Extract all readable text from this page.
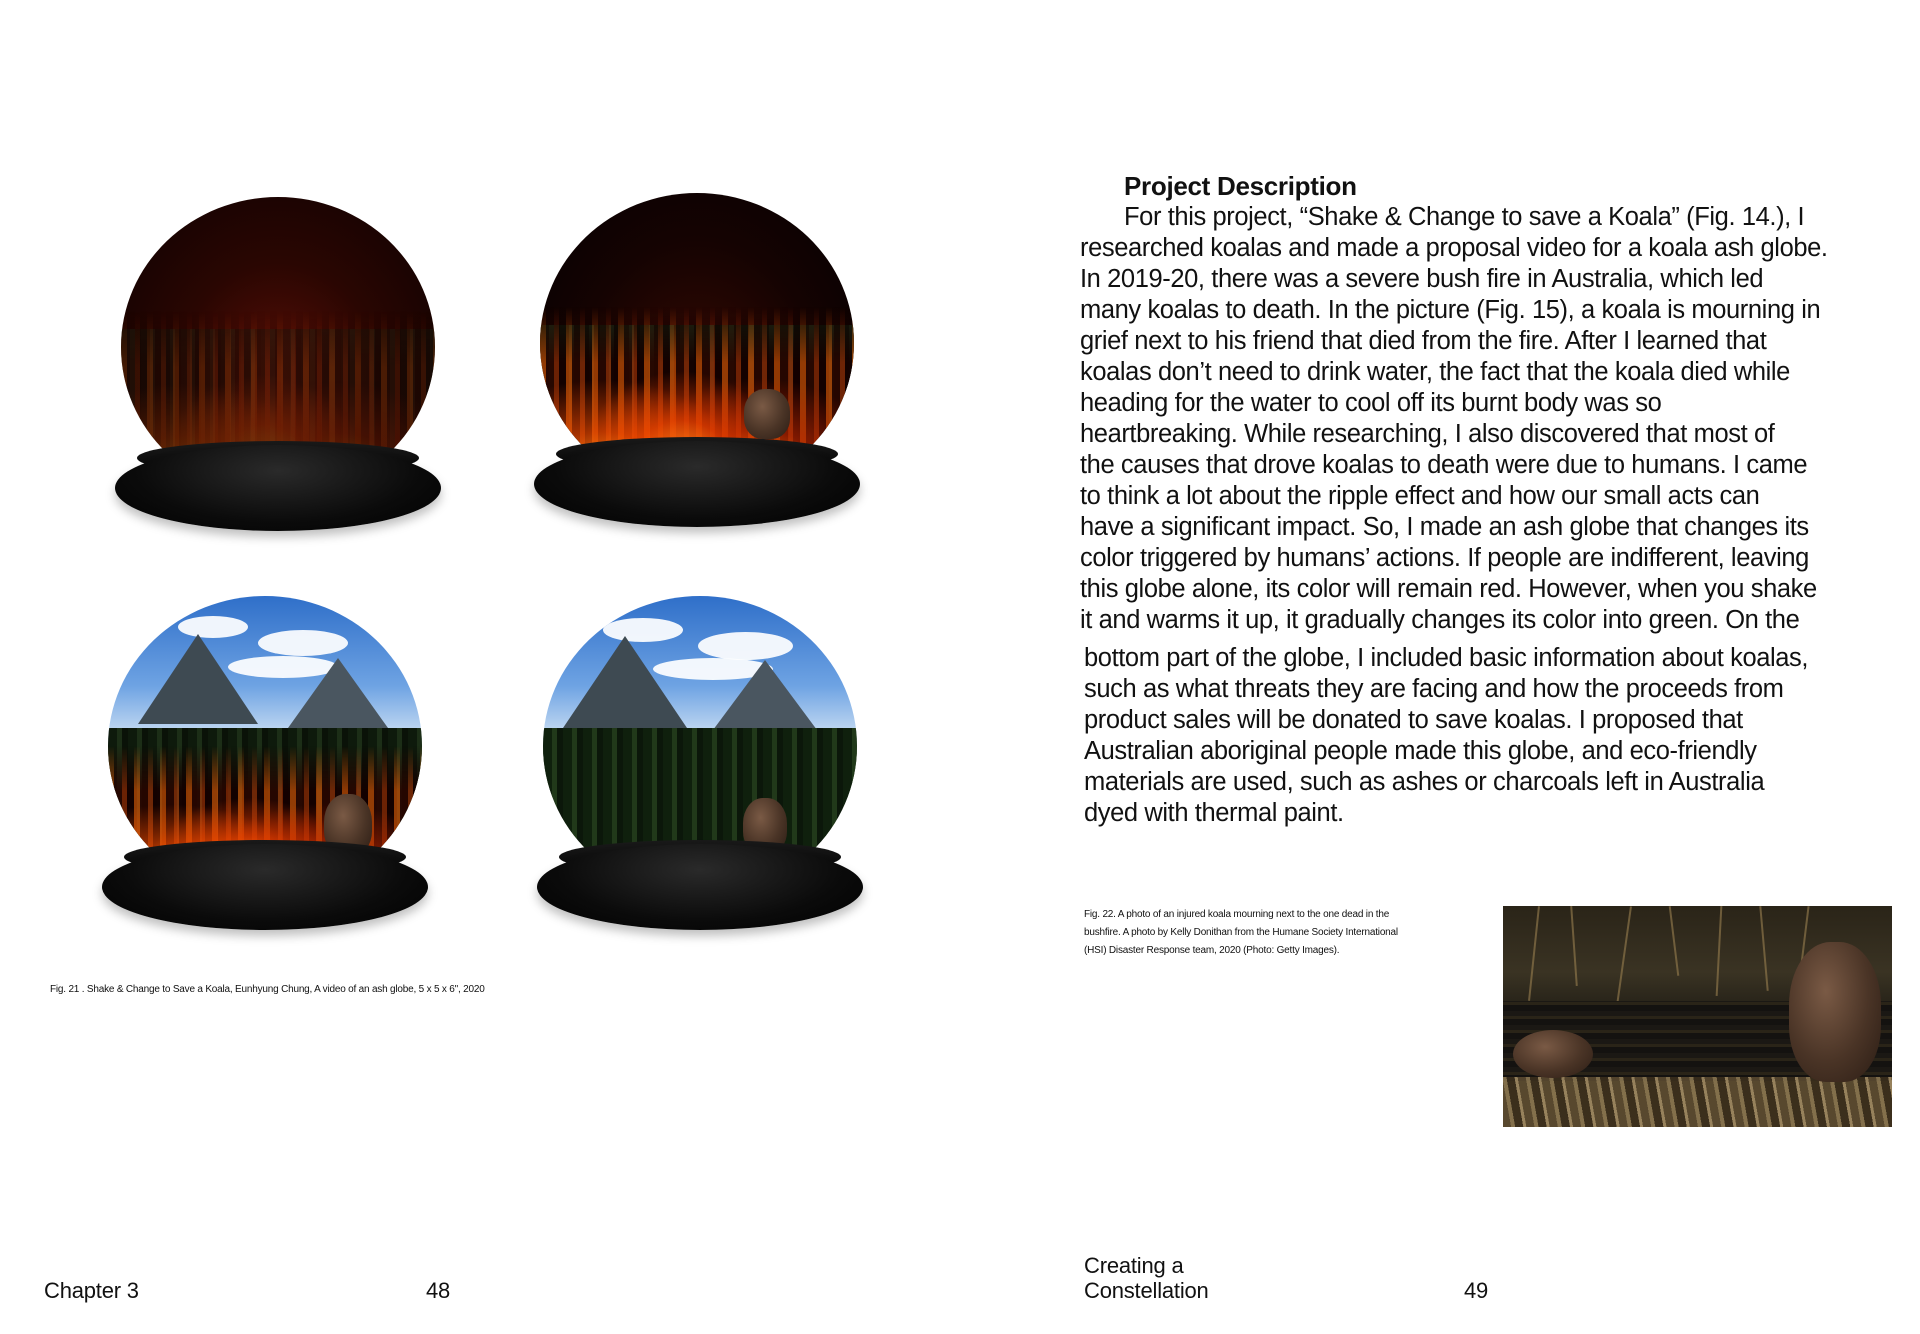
Fig. 21 . Shake & Change to Save a Koala, Eunhyung Chung, A video of an ash globe, 5 x 5 x 6", 2020
Chapter 3	48
Project Description

For this project, “Shake & Change to save a Koala” (Fig. 14.), I

researched koalas and made a proposal video for a koala ash globe.

In 2019-20, there was a severe bush fire in Australia, which led

many koalas to death. In the picture (Fig. 15), a koala is mourning in

grief next to his friend that died from the fire. After I learned that

koalas don’t need to drink water, the fact that the koala died while

heading for the water to cool off its burnt body was so

heartbreaking. While researching, I also discovered that most of

the causes that drove koalas to death were due to humans. I came

to think a lot about the ripple effect and how our small acts can

have a significant impact. So, I made an ash globe that changes its

color triggered by humans’ actions. If people are indifferent, leaving

this globe alone, its color will remain red. However, when you shake

it and warms it up, it gradually changes its color into green. On the

bottom part of the globe, I included basic information about koalas,

such as what threats they are facing and how the proceeds from

product sales will be donated to save koalas. I proposed that

Australian aboriginal people made this globe, and eco-friendly

materials are used, such as ashes or charcoals left in Australia

dyed with thermal paint.

Fig. 22. A photo of an injured koala mourning next to the one dead in the
bushfire. A photo by Kelly Donithan from the Humane Society International
(HSI) Disaster Response team, 2020 (Photo: Getty Images).
Creating a
Constellation	49
